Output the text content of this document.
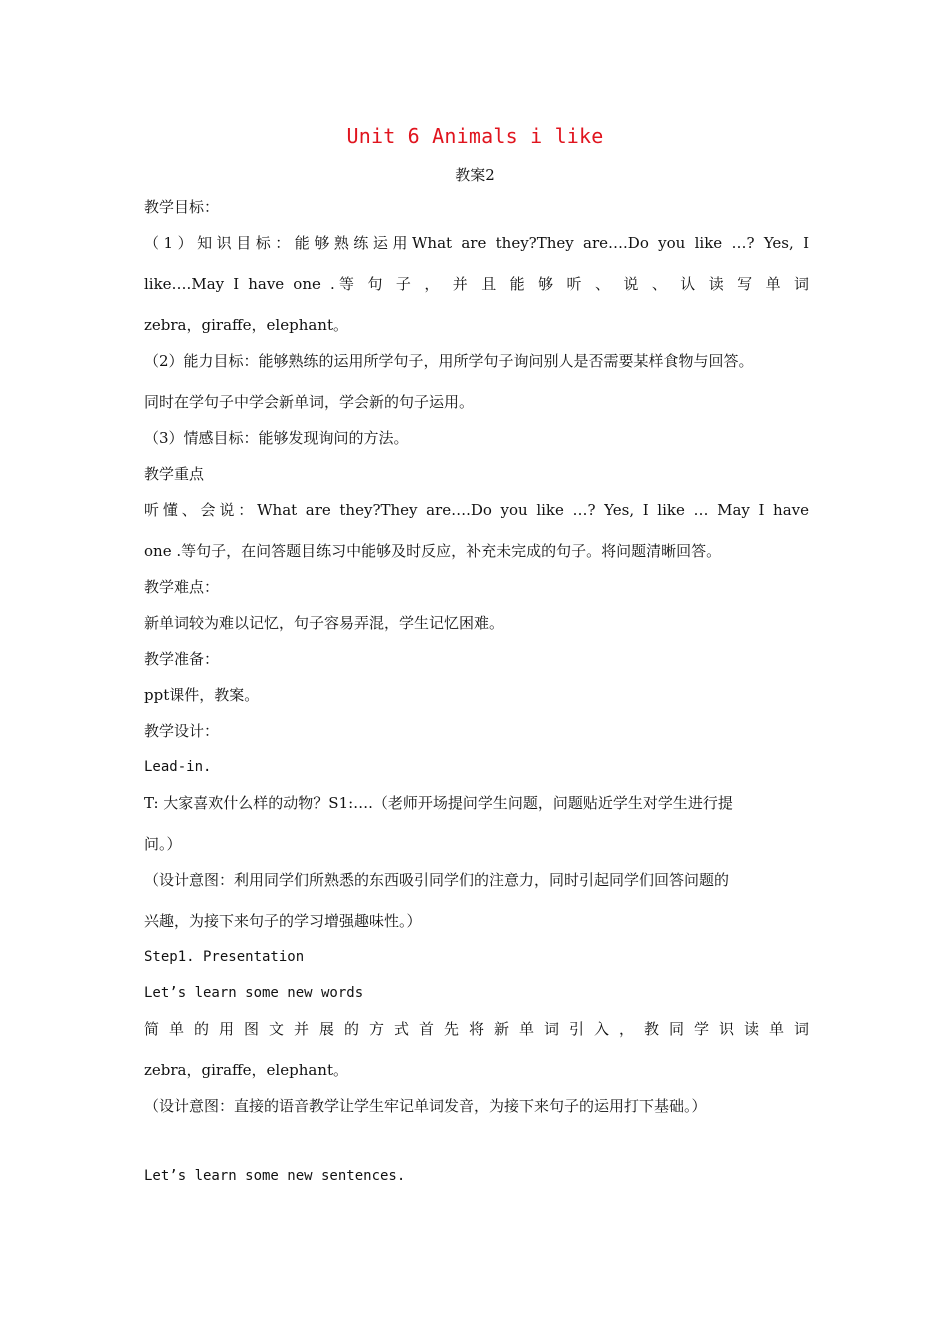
Unit 6 Animals i like
教案2
教学目标：
（1）知识目标：能够熟练运用What are they?They are….Do you like …? Yes, I
like….May I have one .等 句 子 ， 并 且 能 够 听 、 说 、 认 读 写 单 词
zebra，giraffe，elephant。
（2）能力目标：能够熟练的运用所学句子，用所学句子询问别人是否需要某样食物与回答。
同时在学句子中学会新单词，学会新的句子运用。
（3）情感目标：能够发现询问的方法。
教学重点
听懂、会说：What are they?They are….Do you like …? Yes, I like … May I have
one .等句子，在问答题目练习中能够及时反应，补充未完成的句子。将问题清晰回答。
教学难点：
新单词较为难以记忆，句子容易弄混，学生记忆困难。
教学准备：
ppt课件，教案。
教学设计：
Lead-in.
T: 大家喜欢什么样的动物？S1:….（老师开场提问学生问题，问题贴近学生对学生进行提
问。）
（设计意图：利用同学们所熟悉的东西吸引同学们的注意力，同时引起同学们回答问题的
兴趣，为接下来句子的学习增强趣味性。）
Step1. Presentation
Let’s learn some new words
简 单 的 用 图 文 并 展 的 方 式 首 先 将 新 单 词 引 入 ， 教 同 学 识 读 单 词
zebra，giraffe，elephant。
（设计意图：直接的语音教学让学生牢记单词发音，为接下来句子的运用打下基础。）
Let’s learn some new sentences.
